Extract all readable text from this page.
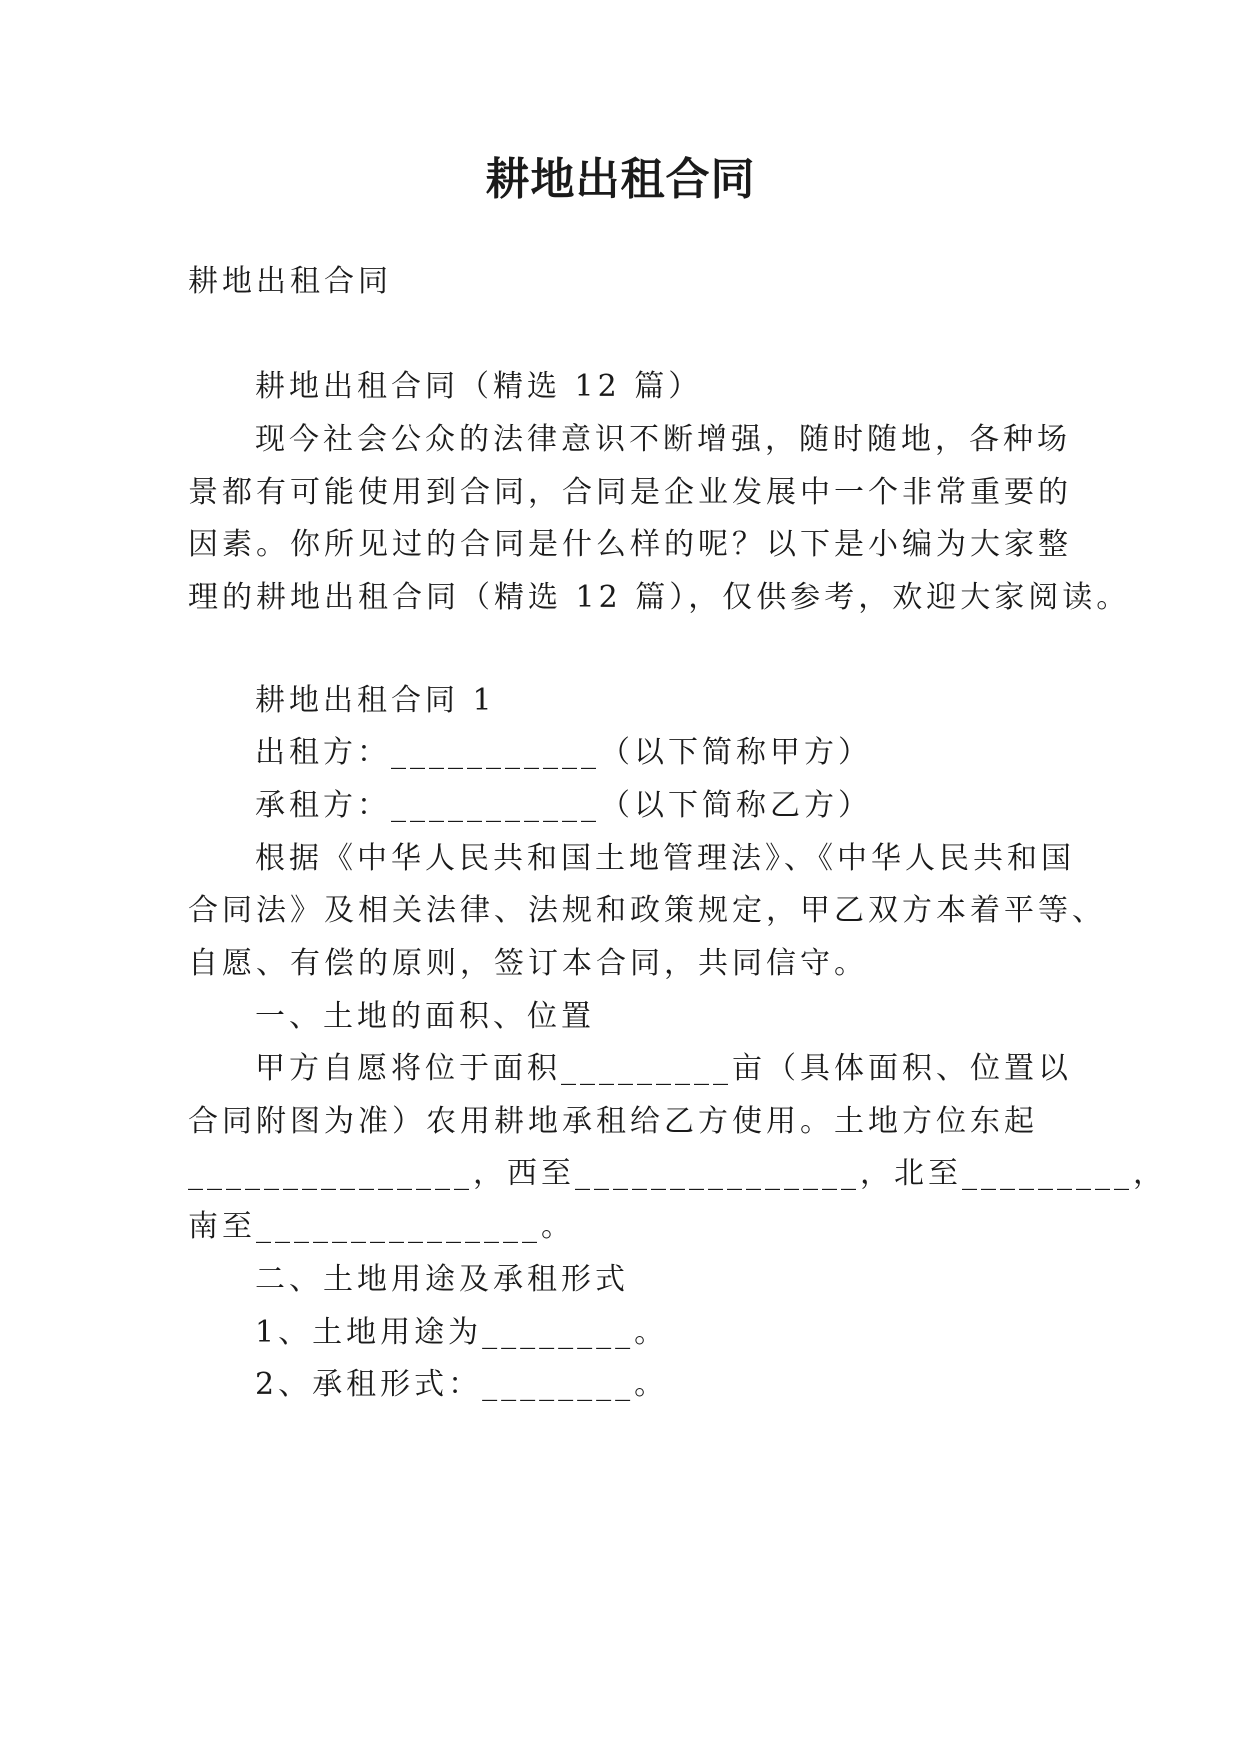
耕地出租合同
耕地出租合同
耕地出租合同（精选 12 篇）
现今社会公众的法律意识不断增强，随时随地，各种场
景都有可能使用到合同，合同是企业发展中一个非常重要的
因素。你所见过的合同是什么样的呢？以下是小编为大家整
理的耕地出租合同（精选 12 篇），仅供参考，欢迎大家阅读。
耕地出租合同 1
出租方：___________（以下简称甲方）
承租方：___________（以下简称乙方）
根据《中华人民共和国土地管理法》、《中华人民共和国
合同法》及相关法律、法规和政策规定，甲乙双方本着平等、
自愿、有偿的原则，签订本合同，共同信守。
一、土地的面积、位置
甲方自愿将位于面积_________亩（具体面积、位置以
合同附图为准）农用耕地承租给乙方使用。土地方位东起
_______________，西至_______________，北至_________，
南至_______________。
二、土地用途及承租形式
1、土地用途为________。
2、承租形式：________。
